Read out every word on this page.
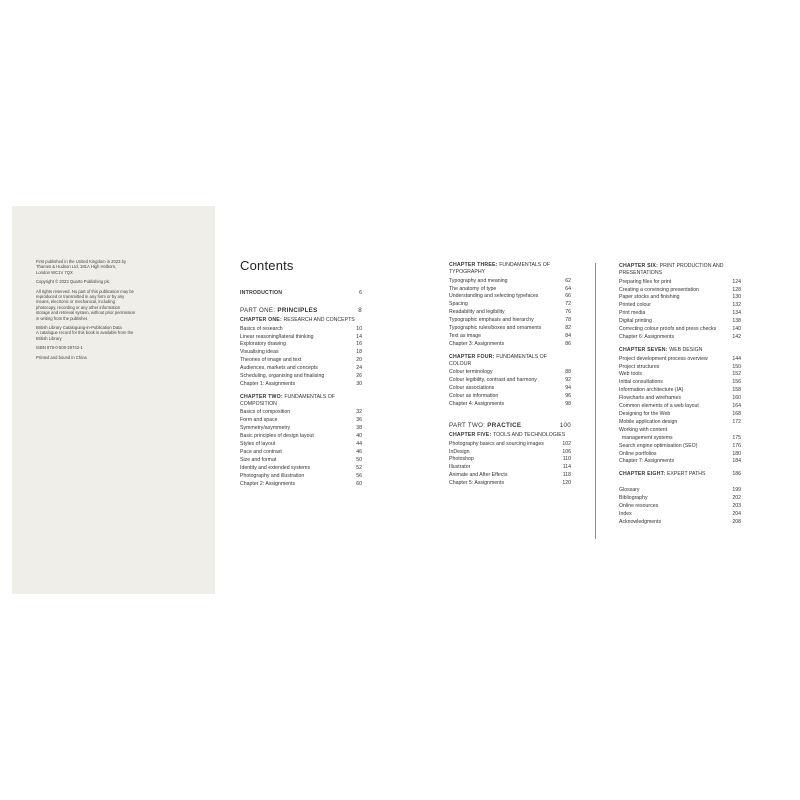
First published in the United Kingdom in 2023 by
Thames & Hudson Ltd, 181A High Holborn,
London WC1V 7QX

Copyright © 2023 Quarto Publishing plc

All rights reserved. No part of this publication may be
reproduced or transmitted in any form or by any
means, electronic or mechanical, including
photocopy, recording or any other information
storage and retrieval system, without prior permission
in writing from the publisher.

British Library Cataloguing-in-Publication Data
A catalogue record for this book is available from the
British Library

ISBN 978-0-500-29742-1

Printed and bound in China

Contents
INTRODUCTION	6
PART ONE: PRINCIPLES	8
CHAPTER ONE: RESEARCH AND CONCEPTS
Basics of research	10
Linear reasoning/lateral thinking	14
Exploratory drawing	16
Visualising ideas	18
Theories of image and text	20
Audiences, markets and concepts	24
Scheduling, organising and finalising	26
Chapter 1: Assignments	30
CHAPTER TWO: FUNDAMENTALS OF COMPOSITION
Basics of composition	32
Form and space	36
Symmetry/asymmetry	38
Basic principles of design layout	40
Styles of layout	44
Pace and contrast	46
Size and format	50
Identity and extended systems	52
Photography and illustration	56
Chapter 2: Assignments	60
CHAPTER THREE: FUNDAMENTALS OF TYPOGRAPHY
Typography and meaning	62
The anatomy of type	64
Understanding and selecting typefaces	66
Spacing	72
Readability and legibility	76
Typographic emphasis and hierarchy	78
Typographic rules/boxes and ornaments	82
Text as image	84
Chapter 3: Assignments	86
CHAPTER FOUR: FUNDAMENTALS OF COLOUR
Colour terminology	88
Colour legibility, contrast and harmony	92
Colour associations	94
Colour as information	96
Chapter 4: Assignments	98
PART TWO: PRACTICE	100
CHAPTER FIVE: TOOLS AND TECHNOLOGIES
Photography basics and sourcing images	102
InDesign	106
Photoshop	110
Illustrator	114
Animate and After Effects	118
Chapter 5: Assignments	120
CHAPTER SIX: PRINT PRODUCTION AND PRESENTATIONS
Preparing files for print	124
Creating a convincing presentation	128
Paper stocks and finishing	130
Printed colour	132
Print media	134
Digital printing	138
Correcting colour proofs and press checks	140
Chapter 6: Assignments	142
CHAPTER SEVEN: WEB DESIGN
Project development process overview	144
Project structures	150
Web tools	152
Initial consultations	156
Information architecture (IA)	158
Flowcharts and wireframes	160
Common elements of a web layout	164
Designing for the Web	168
Mobile application design	172
Working with content
management systems	175
Search engine optimisation (SEO)	176
Online portfolios	180
Chapter 7: Assignments	184
CHAPTER EIGHT: EXPERT PATHS	186
Glossary	199
Bibliography	202
Online resources	203
Index	204
Acknowledgments	208
